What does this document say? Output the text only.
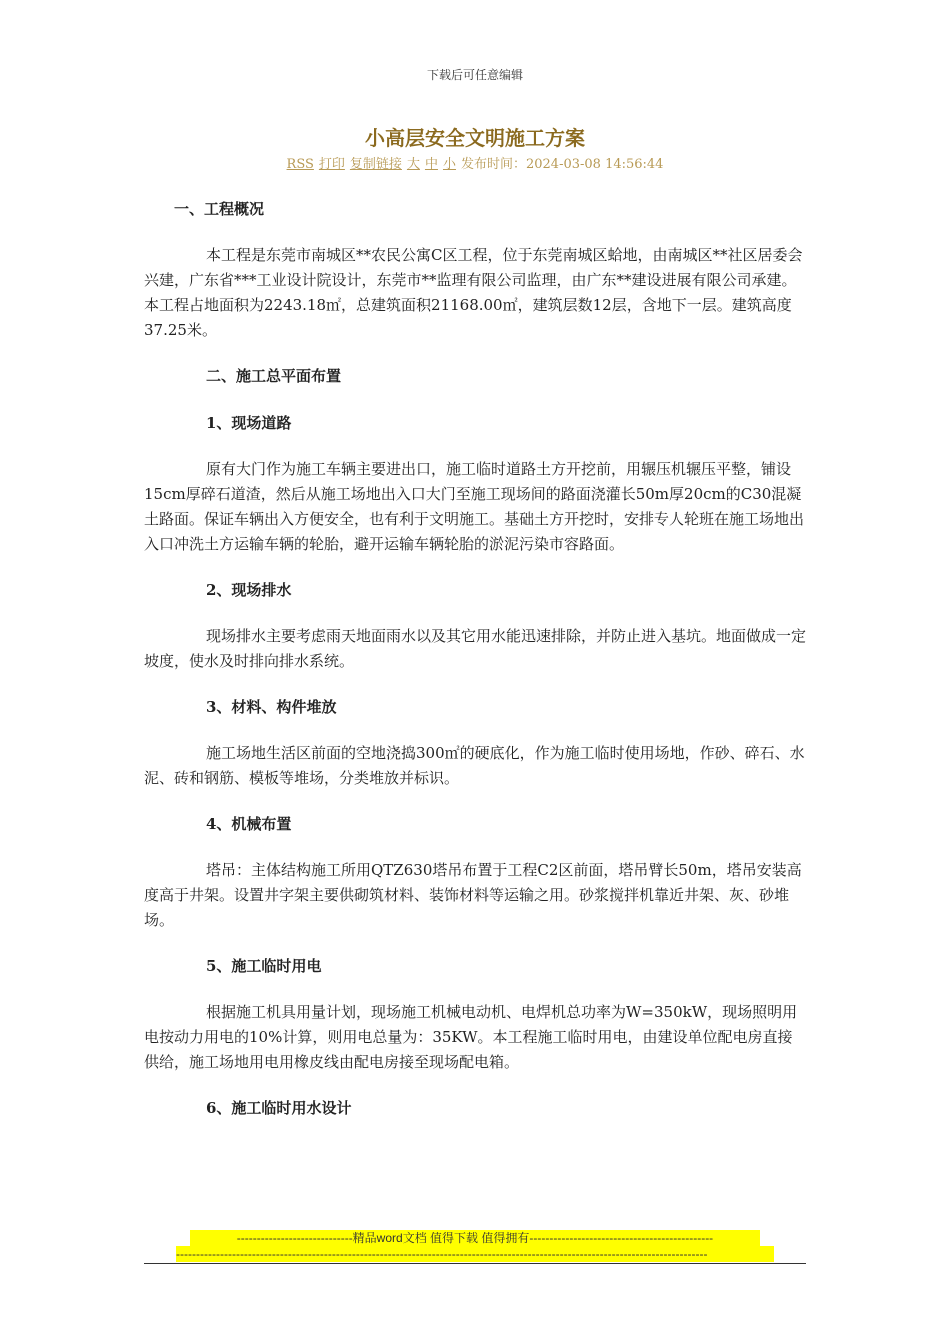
下载后可任意编辑
小高层安全文明施工方案
RSS 打印 复制链接 大 中 小 发布时间：2024-03-08 14:56:44

一、工程概况

本工程是东莞市南城区**农民公寓C区工程，位于东莞南城区蛤地，由南城区**社区居委会兴建，广东省***工业设计院设计，东莞市**监理有限公司监理，由广东**建设进展有限公司承建。本工程占地面积为2243.18㎡，总建筑面积21168.00㎡，建筑层数12层，含地下一层。建筑高度37.25米。

二、施工总平面布置

1、现场道路

原有大门作为施工车辆主要进出口，施工临时道路土方开挖前，用辗压机辗压平整，铺设15cm厚碎石道渣，然后从施工场地出入口大门至施工现场间的路面浇灌长50m厚20cm的C30混凝土路面。保证车辆出入方便安全，也有利于文明施工。基础土方开挖时，安排专人轮班在施工场地出入口冲洗土方运输车辆的轮胎，避开运输车辆轮胎的淤泥污染市容路面。

2、现场排水

现场排水主要考虑雨天地面雨水以及其它用水能迅速排除，并防止进入基坑。地面做成一定坡度，使水及时排向排水系统。

3、材料、构件堆放

施工场地生活区前面的空地浇捣300㎡的硬底化，作为施工临时使用场地，作砂、碎石、水泥、砖和钢筋、模板等堆场，分类堆放并标识。

4、机械布置

塔吊：主体结构施工所用QTZ630塔吊布置于工程C2区前面，塔吊臂长50m，塔吊安装高度高于井架。设置井字架主要供砌筑材料、装饰材料等运输之用。砂浆搅拌机靠近井架、灰、砂堆场。

5、施工临时用电

根据施工机具用量计划，现场施工机械电动机、电焊机总功率为W=350kW，现场照明用电按动力用电的10%计算，则用电总量为：35KW。本工程施工临时用电，由建设单位配电房直接供给，施工场地用电用橡皮线由配电房接至现场配电箱。

6、施工临时用水设计

-----------------------------精品word文档 值得下载 值得拥有----------------------------------------------
-------------------------------------------------------------------------------------------------------------------------------------
